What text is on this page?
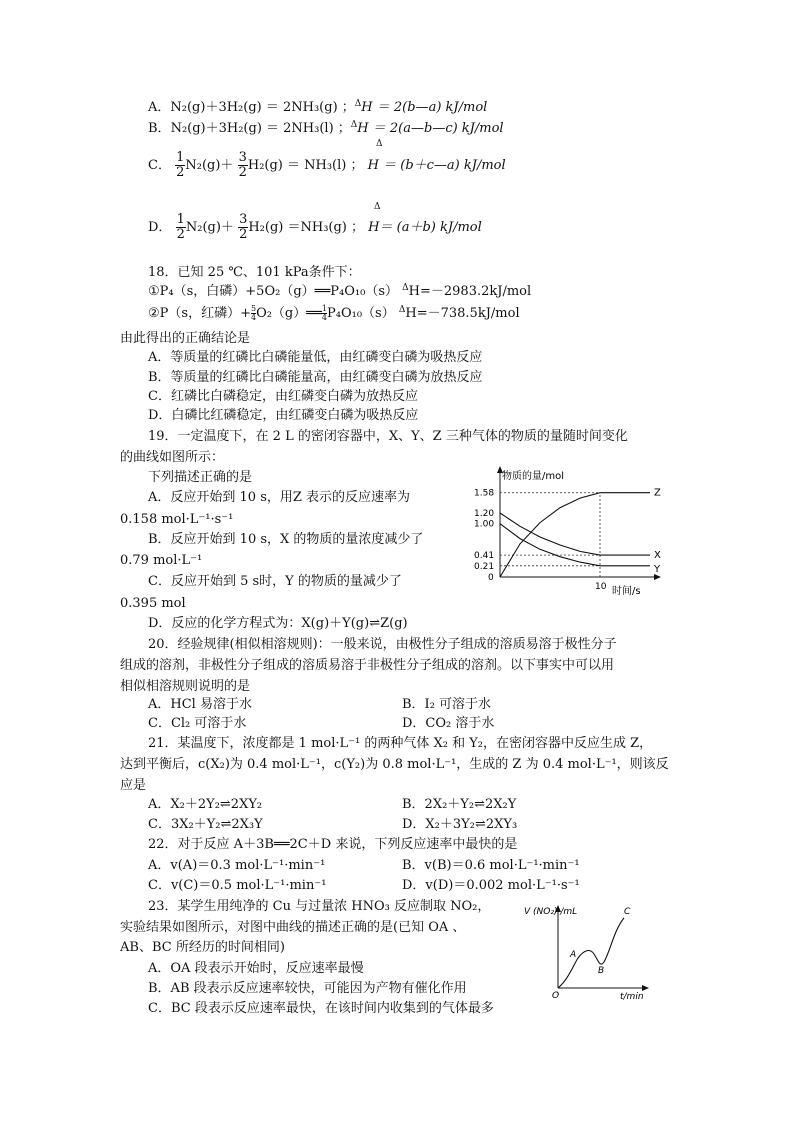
A．N₂(g)＋3H₂(g) ＝ 2NH₃(g) ；$^\Delta$H ＝ 2(b—a) kJ/mol
B．N₂(g)＋3H₂(g) ＝ 2NH₃(l) ；$^\Delta$H ＝ 2(a—b—c) kJ/mol
Δ
C． $\frac{1}{2} N_2(g)+ \frac{3}{2} H_2(g) = NH_3(l)$ ； H ＝ (b＋c—a) kJ/mol
Δ
D． $\frac{1}{2} N_2(g)+ \frac{3}{2} H_2(g) =NH_3(g)$ ； H＝ (a＋b) kJ/mol
18．已知 25 ℃、101 kPa条件下：
①P₄（s，白磷）+5O₂（g）══P₄O₁₀（s） $^\Delta$H=－2983.2kJ/mol
②P（s，红磷）+ $\frac{5}{4}O_2(g)══ \frac{1}{4}P_4O_{10}(s)$ $^\Delta$H=－738.5kJ/mol
由此得出的正确结论是
A．等质量的红磷比白磷能量低，由红磷变白磷为吸热反应
B．等质量的红磷比白磷能量高，由红磷变白磷为放热反应
C．红磷比白磷稳定，由红磷变白磷为放热反应
D．白磷比红磷稳定，由红磷变白磷为吸热反应
19．一定温度下，在 2 L 的密闭容器中，X、Y、Z 三种气体的物质的量随时间变化
的曲线如图所示：
下列描述正确的是
A．反应开始到 10 s，用Z 表示的反应速率为
0.158 mol·L⁻¹·s⁻¹
B．反应开始到 10 s，X 的物质的量浓度减少了
0.79 mol·L⁻¹
C．反应开始到 5 s时，Y 的物质的量减少了
0.395 mol
D．反应的化学方程式为：X(g)＋Y(g)⇌Z(g)
Z
X
Y
0.21
0.41
1.00
1.20
1.58
0
10
物质的量/mol
时间/s
20．经验规律(相似相溶规则)：一般来说，由极性分子组成的溶质易溶于极性分子
组成的溶剂，非极性分子组成的溶质易溶于非极性分子组成的溶剂。以下事实中可以用
相似相溶规则说明的是
A．HCl 易溶于水	B．I₂ 可溶于水
C．Cl₂ 可溶于水	D．CO₂ 溶于水
21．某温度下，浓度都是 1 mol·L⁻¹ 的两种气体 X₂ 和 Y₂，在密闭容器中反应生成 Z，
达到平衡后，c(X₂)为 0.4 mol·L⁻¹，c(Y₂)为 0.8 mol·L⁻¹，生成的 Z 为 0.4 mol·L⁻¹，则该反
应是
A．X₂＋2Y₂⇌2XY₂	B．2X₂＋Y₂⇌2X₂Y
C．3X₂＋Y₂⇌2X₃Y	D．X₂＋3Y₂⇌2XY₃
22．对于反应 A＋3B══2C＋D 来说，下列反应速率中最快的是
A．v(A)＝0.3 mol·L⁻¹·min⁻¹	B．v(B)＝0.6 mol·L⁻¹·min⁻¹
C．v(C)＝0.5 mol·L⁻¹·min⁻¹	D．v(D)＝0.002 mol·L⁻¹·s⁻¹
23．某学生用纯净的 Cu 与过量浓 HNO₃ 反应制取 NO₂，
实验结果如图所示，对图中曲线的描述正确的是(已知 OA 、
AB、BC 所经历的时间相同)
A．OA 段表示开始时，反应速率最慢
B．AB 段表示反应速率较快，可能因为产物有催化作用
C．BC 段表示反应速率最快，在该时间内收集到的气体最多
V (NO₂) /mL
t/min
O
A
B
C
